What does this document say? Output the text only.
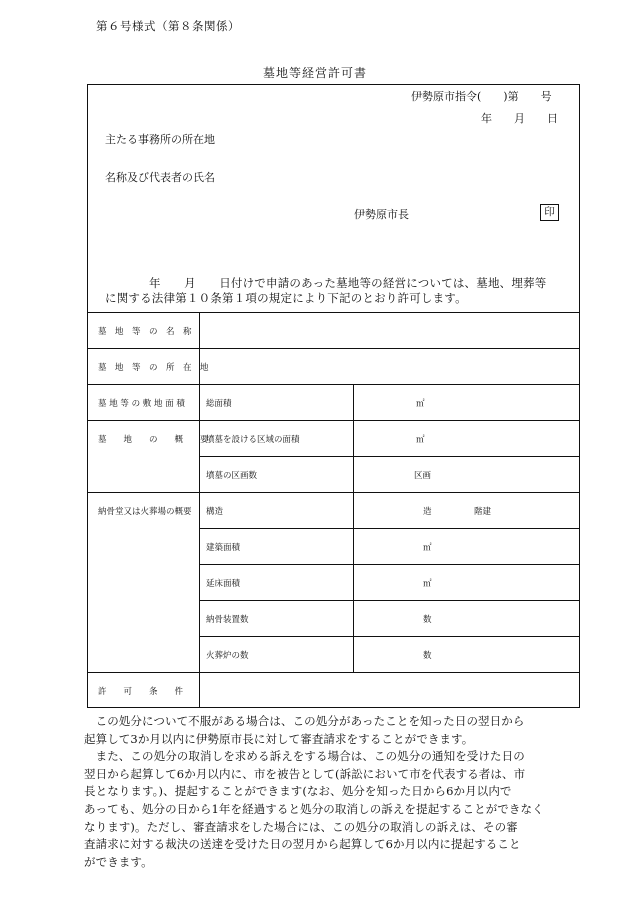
第６号様式（第８条関係）
墓地等経営許可書
伊勢原市指令(　　)第　　号
年　　月　　日
主たる事務所の所在地
名称及び代表者の氏名
伊勢原市長	印
年　　月　　日付けで申請のあった墓地等の経営については、墓地、埋葬等
に関する法律第１０条第１項の規定により下記のとおり許可します。
墓　地　等　の　名　称
墓　地　等　の　所　在　地
墓 地 等 の 敷 地 面 積
墓　　地　　の　　概　　要
納骨堂又は火葬場の概要
許　　可　　条　　件
総面積
墳墓を設ける区域の面積
墳墓の区画数
構造
建築面積
延床面積
納骨装置数
火葬炉の数
㎡
㎡
区画
造	階建
㎡
㎡
数
数

　この処分について不服がある場合は、この処分があったことを知った日の翌日から

起算して3か月以内に伊勢原市長に対して審査請求をすることができます。

　また、この処分の取消しを求める訴えをする場合は、この処分の通知を受けた日の

翌日から起算して6か月以内に、市を被告として(訴訟において市を代表する者は、市

長となります。)、提起することができます(なお、処分を知った日から6か月以内で

あっても、処分の日から1年を経過すると処分の取消しの訴えを提起することができなく

なります)。ただし、審査請求をした場合には、この処分の取消しの訴えは、その審

査請求に対する裁決の送達を受けた日の翌月から起算して6か月以内に提起すること

ができます。
